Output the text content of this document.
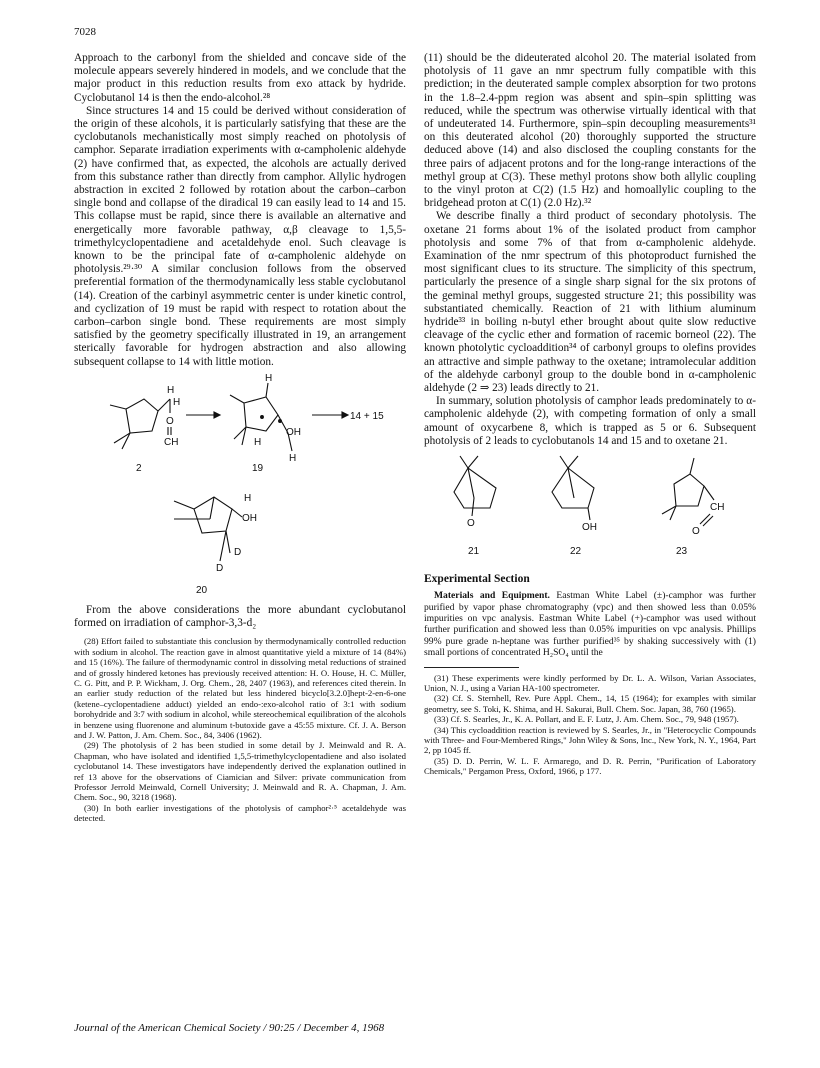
7028

Approach to the carbonyl from the shielded and concave side of the molecule appears severely hindered in models, and we conclude that the major product in this reduction results from exo attack by hydride. Cyclobutanol 14 is then the endo-alcohol.²⁸

Since structures 14 and 15 could be derived without consideration of the origin of these alcohols, it is particularly satisfying that these are the cyclobutanols mechanistically most simply reached on photolysis of camphor. Separate irradiation experiments with α-campholenic aldehyde (2) have confirmed that, as expected, the alcohols are actually derived from this substance rather than directly from camphor. Allylic hydrogen abstraction in excited 2 followed by rotation about the carbon–carbon single bond and collapse of the diradical 19 can easily lead to 14 and 15. This collapse must be rapid, since there is available an alternative and energetically more favorable pathway, α,β cleavage to 1,5,5-trimethylcyclopentadiene and acetaldehyde enol. Such cleavage is known to be the principal fate of α-campholenic aldehyde on photolysis.²⁹·³⁰ A similar conclusion follows from the observed preferential formation of the thermodynamically less stable cyclobutanol (14). Creation of the carbinyl asymmetric center is under kinetic control, and cyclization of 19 must be rapid with respect to rotation about the carbon–carbon single bond. These requirements are most simply satisfied by the geometry specifically illustrated in 19, an arrangement sterically favorable for hydrogen abstraction and also allowing subsequent collapse to 14 with little motion.

H
H
O
CH
H
OH
H
H
14 + 15
H
OH
D
D
2	19
20

From the above considerations the more abundant cyclobutanol formed on irradiation of camphor-3,3-d₂

(28) Effort failed to substantiate this conclusion by thermodynamically controlled reduction with sodium in alcohol. The reaction gave in almost quantitative yield a mixture of 14 (84%) and 15 (16%). The failure of thermodynamic control in dissolving metal reductions of strained and of grossly hindered ketones has previously received attention: H. O. House, H. C. Müller, C. G. Pitt, and P. P. Wickham, J. Org. Chem., 28, 2407 (1963), and references cited therein. In an earlier study reduction of the related but less hindered bicyclo[3.2.0]hept-2-en-6-one (ketene–cyclopentadiene adduct) yielded an endo-:exo-alcohol ratio of 3:1 with sodium borohydride and 3:7 with sodium in alcohol, while stereochemical equilibration of the alcohols in benzene using fluorenone and aluminum t-butoxide gave a 45:55 mixture. Cf. J. A. Berson and J. W. Patton, J. Am. Chem. Soc., 84, 3406 (1962).

(29) The photolysis of 2 has been studied in some detail by J. Meinwald and R. A. Chapman, who have isolated and identified 1,5,5-trimethylcyclopentadiene and also isolated cyclobutanol 14. These investigators have independently derived the explanation outlined in ref 13 above for the observations of Ciamician and Silver: private communication from Professor Jerrold Meinwald, Cornell University; J. Meinwald and R. A. Chapman, J. Am. Chem. Soc., 90, 3218 (1968).

(30) In both earlier investigations of the photolysis of camphor²·⁵ acetaldehyde was detected.

(11) should be the dideuterated alcohol 20. The material isolated from photolysis of 11 gave an nmr spectrum fully compatible with this prediction; in the deuterated sample complex absorption for two protons in the 1.8–2.4-ppm region was absent and spin–spin splitting was reduced, while the spectrum was otherwise virtually identical with that of undeuterated 14. Furthermore, spin–spin decoupling measurements³¹ on this deuterated alcohol (20) thoroughly supported the structure deduced above (14) and also disclosed the coupling constants for the three pairs of adjacent protons and for the long-range interactions of the methyl group at C(3). These methyl protons show both allylic coupling to the vinyl proton at C(2) (1.5 Hz) and homoallylic coupling to the bridgehead proton at C(1) (2.0 Hz).³²

We describe finally a third product of secondary photolysis. The oxetane 21 forms about 1% of the isolated product from camphor photolysis and some 7% of that from α-campholenic aldehyde. Examination of the nmr spectrum of this photoproduct furnished the most significant clues to its structure. The simplicity of this spectrum, particularly the presence of a single sharp signal for the six protons of the geminal methyl groups, suggested structure 21; this possibility was substantiated chemically. Reaction of 21 with lithium aluminum hydride³³ in boiling n-butyl ether brought about quite slow reductive cleavage of the cyclic ether and formation of racemic borneol (22). The known photolytic cycloaddition³⁴ of carbonyl groups to olefins provides an attractive and simple pathway to the oxetane; intramolecular addition of the aldehyde carbonyl group to the double bond in α-campholenic aldehyde (2 ⇒ 23) leads directly to 21.

In summary, solution photolysis of camphor leads predominately to α-campholenic aldehyde (2), with competing formation of only a small amount of oxycarbene 8, which is trapped as 5 or 6. Subsequent photolysis of 2 leads to cyclobutanols 14 and 15 and to oxetane 21.

O	OH
CH
O
21	22	23
Experimental Section

Materials and Equipment. Eastman White Label (±)-camphor was further purified by vapor phase chromatography (vpc) and then showed less than 0.05% impurities on vpc analysis. Eastman White Label (+)-camphor was used without further purification and showed less than 0.05% impurities on vpc analysis. Phillips 99% pure grade n-heptane was further purified³⁵ by shaking successively with (1) small portions of concentrated H₂SO₄ until the

(31) These experiments were kindly performed by Dr. L. A. Wilson, Varian Associates, Union, N. J., using a Varian HA-100 spectrometer.

(32) Cf. S. Sternhell, Rev. Pure Appl. Chem., 14, 15 (1964); for examples with similar geometry, see S. Toki, K. Shima, and H. Sakurai, Bull. Chem. Soc. Japan, 38, 760 (1965).

(33) Cf. S. Searles, Jr., K. A. Pollart, and E. F. Lutz, J. Am. Chem. Soc., 79, 948 (1957).

(34) This cycloaddition reaction is reviewed by S. Searles, Jr., in "Heterocyclic Compounds with Three- and Four-Membered Rings," John Wiley & Sons, Inc., New York, N. Y., 1964, Part 2, pp 1045 ff.

(35) D. D. Perrin, W. L. F. Armarego, and D. R. Perrin, "Purification of Laboratory Chemicals," Pergamon Press, Oxford, 1966, p 177.

Journal of the American Chemical Society / 90:25 / December 4, 1968
